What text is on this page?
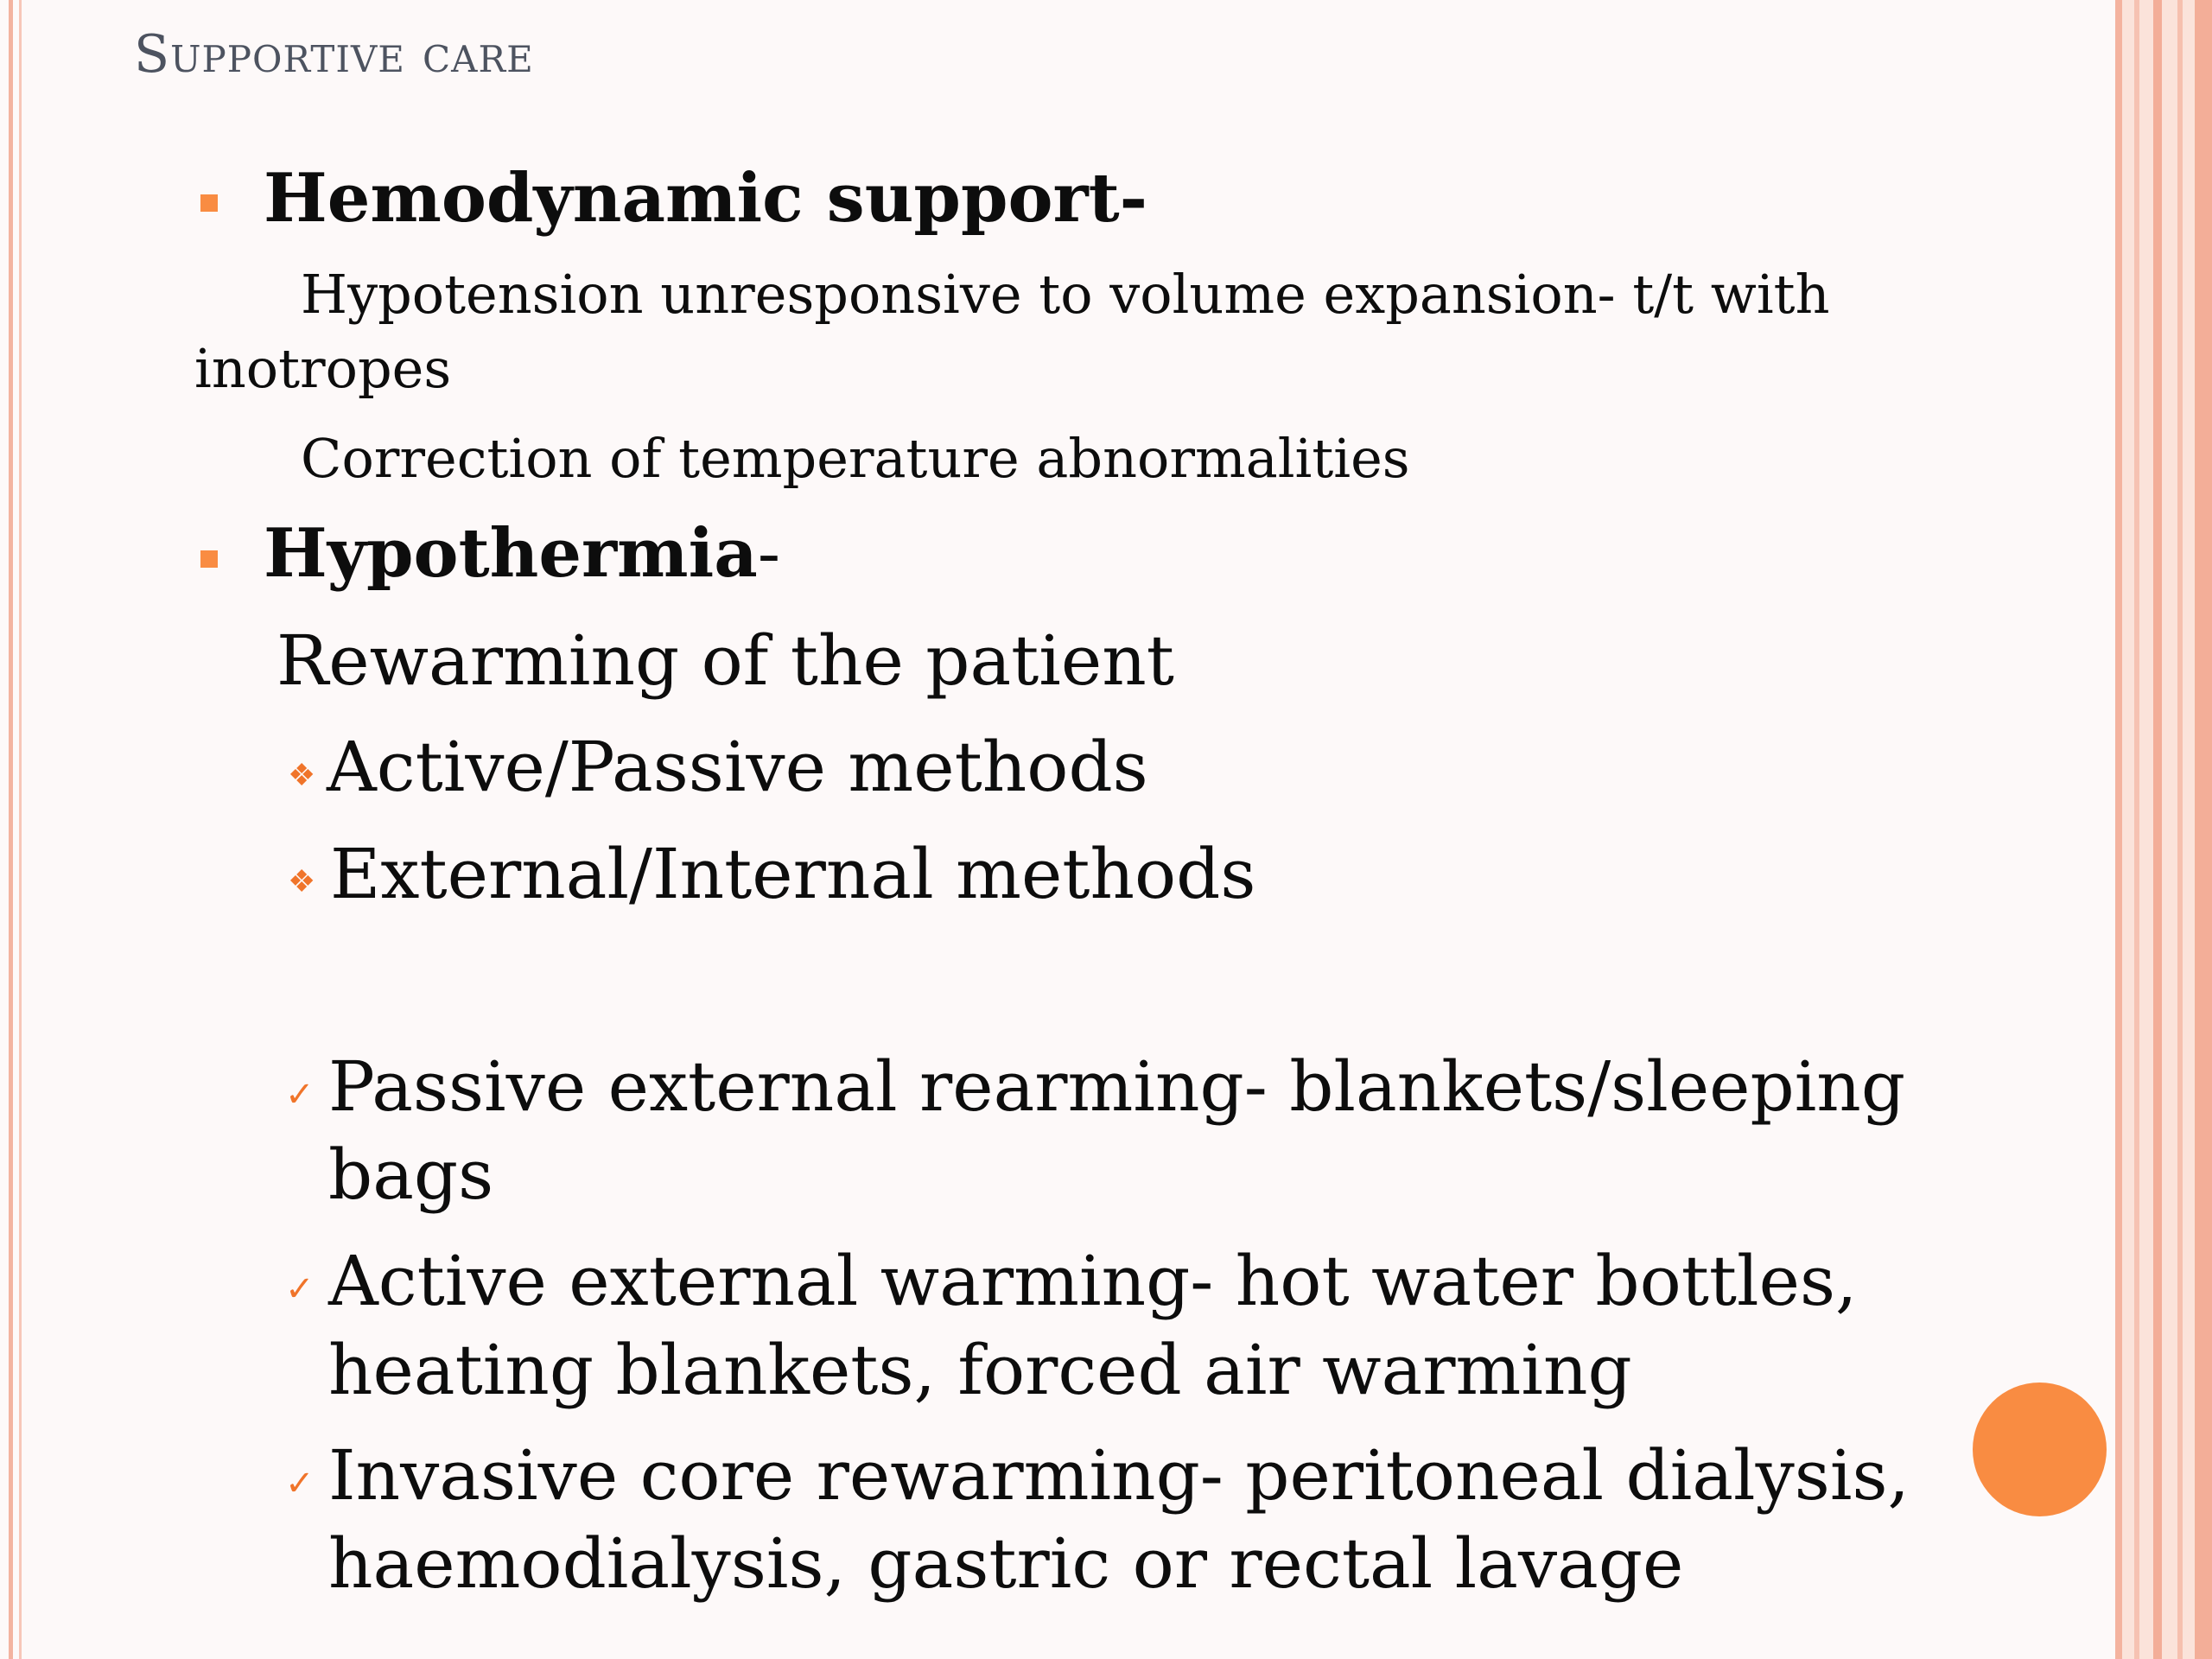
Supportive care
Hemodynamic support-
Hypotension unresponsive to volume expansion- t/t with
inotropes
Correction of temperature abnormalities
Hypothermia-
Rewarming of the patient
❖ Active/Passive methods
❖ External/Internal methods
✓ Passive external rearming- blankets/sleeping
bags
✓ Active external warming- hot water bottles,
heating blankets, forced air warming
✓ Invasive core rewarming- peritoneal dialysis,
haemodialysis, gastric or rectal lavage
